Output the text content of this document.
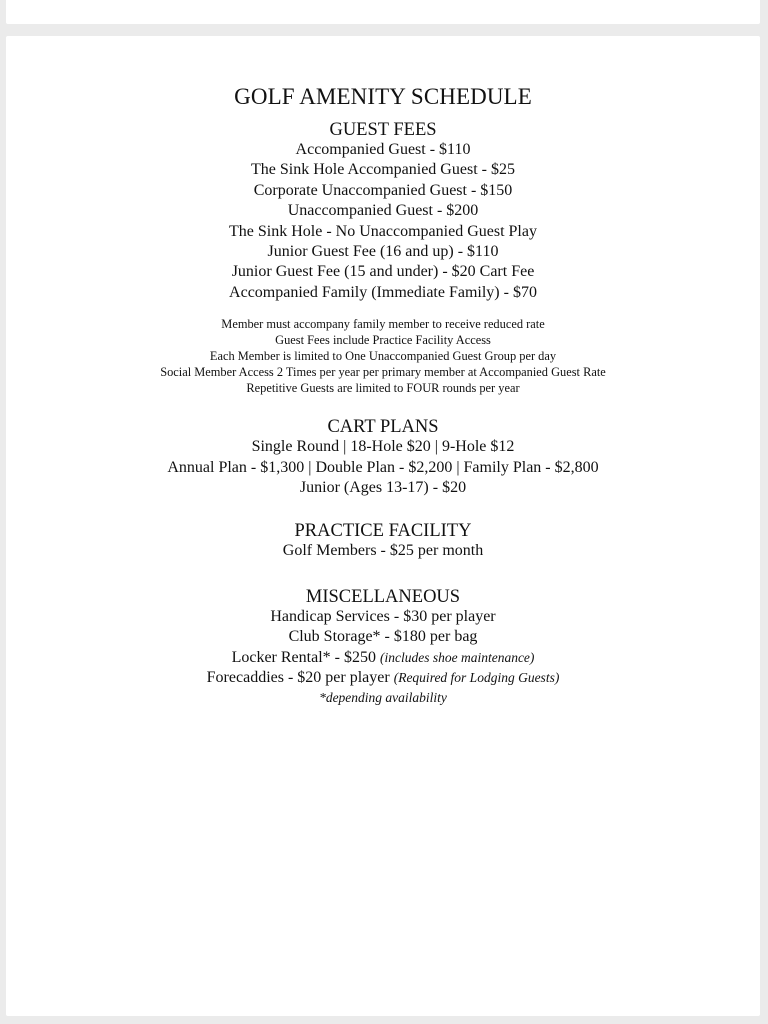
GOLF AMENITY SCHEDULE
GUEST FEES
Accompanied Guest - $110
The Sink Hole Accompanied Guest - $25
Corporate Unaccompanied Guest - $150
Unaccompanied Guest - $200
The Sink Hole - No Unaccompanied Guest Play
Junior Guest Fee (16 and up) - $110
Junior Guest Fee (15 and under) - $20 Cart Fee
Accompanied Family (Immediate Family) - $70
Member must accompany family member to receive reduced rate
Guest Fees include Practice Facility Access
Each Member is limited to One Unaccompanied Guest Group per day
Social Member Access 2 Times per year per primary member at Accompanied Guest Rate
Repetitive Guests are limited to FOUR rounds per year
CART PLANS
Single Round | 18-Hole $20 | 9-Hole $12
Annual Plan - $1,300 | Double Plan - $2,200 | Family Plan - $2,800
Junior (Ages 13-17) - $20
PRACTICE FACILITY
Golf Members - $25 per month
MISCELLANEOUS
Handicap Services - $30 per player
Club Storage* - $180 per bag
Locker Rental* - $250 (includes shoe maintenance)
Forecaddies - $20 per player (Required for Lodging Guests)
*depending availability
